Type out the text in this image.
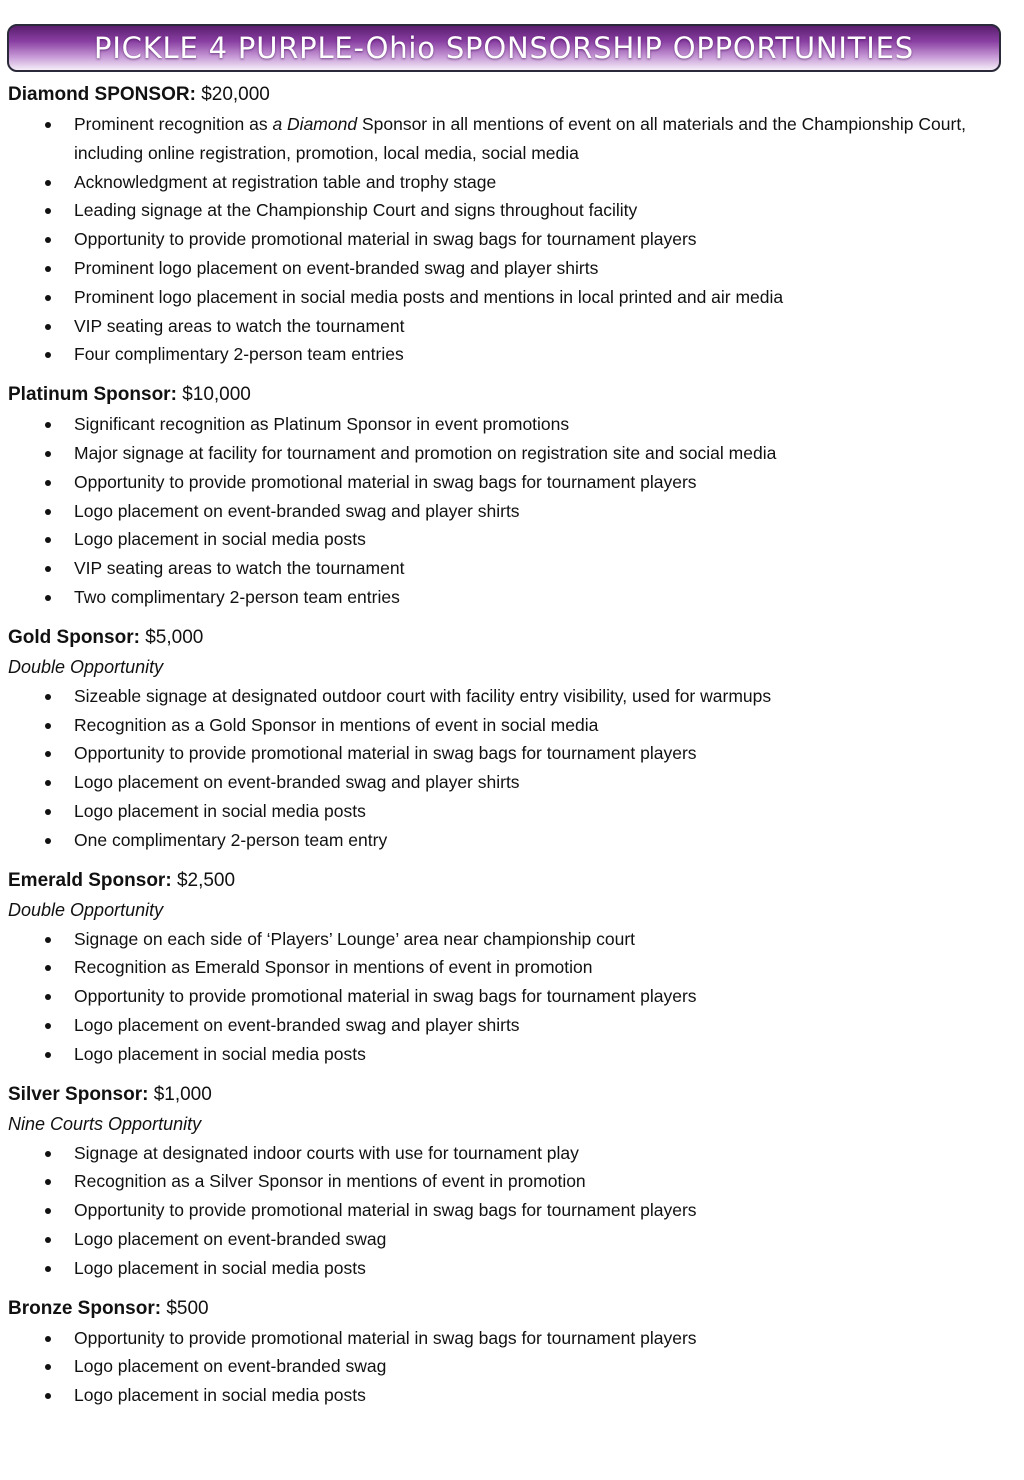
PICKLE 4 PURPLE-Ohio SPONSORSHIP OPPORTUNITIES
Diamond SPONSOR: $20,000
Prominent recognition as a Diamond Sponsor in all mentions of event on all materials and the Championship Court, including online registration, promotion, local media, social media
Acknowledgment at registration table and trophy stage
Leading signage at the Championship Court and signs throughout facility
Opportunity to provide promotional material in swag bags for tournament players
Prominent logo placement on event-branded swag and player shirts
Prominent logo placement in social media posts and mentions in local printed and air media
VIP seating areas to watch the tournament
Four complimentary 2-person team entries
Platinum Sponsor: $10,000
Significant recognition as Platinum Sponsor in event promotions
Major signage at facility for tournament and promotion on registration site and social media
Opportunity to provide promotional material in swag bags for tournament players
Logo placement on event-branded swag and player shirts
Logo placement in social media posts
VIP seating areas to watch the tournament
Two complimentary 2-person team entries
Gold Sponsor: $5,000
Double Opportunity
Sizeable signage at designated outdoor court with facility entry visibility, used for warmups
Recognition as a Gold Sponsor in mentions of event in social media
Opportunity to provide promotional material in swag bags for tournament players
Logo placement on event-branded swag and player shirts
Logo placement in social media posts
One complimentary 2-person team entry
Emerald Sponsor: $2,500
Double Opportunity
Signage on each side of ‘Players’ Lounge’ area near championship court
Recognition as Emerald Sponsor in mentions of event in promotion
Opportunity to provide promotional material in swag bags for tournament players
Logo placement on event-branded swag and player shirts
Logo placement in social media posts
Silver Sponsor: $1,000
Nine Courts Opportunity
Signage at designated indoor courts with use for tournament play
Recognition as a Silver Sponsor in mentions of event in promotion
Opportunity to provide promotional material in swag bags for tournament players
Logo placement on event-branded swag
Logo placement in social media posts
Bronze Sponsor: $500
Opportunity to provide promotional material in swag bags for tournament players
Logo placement on event-branded swag
Logo placement in social media posts
